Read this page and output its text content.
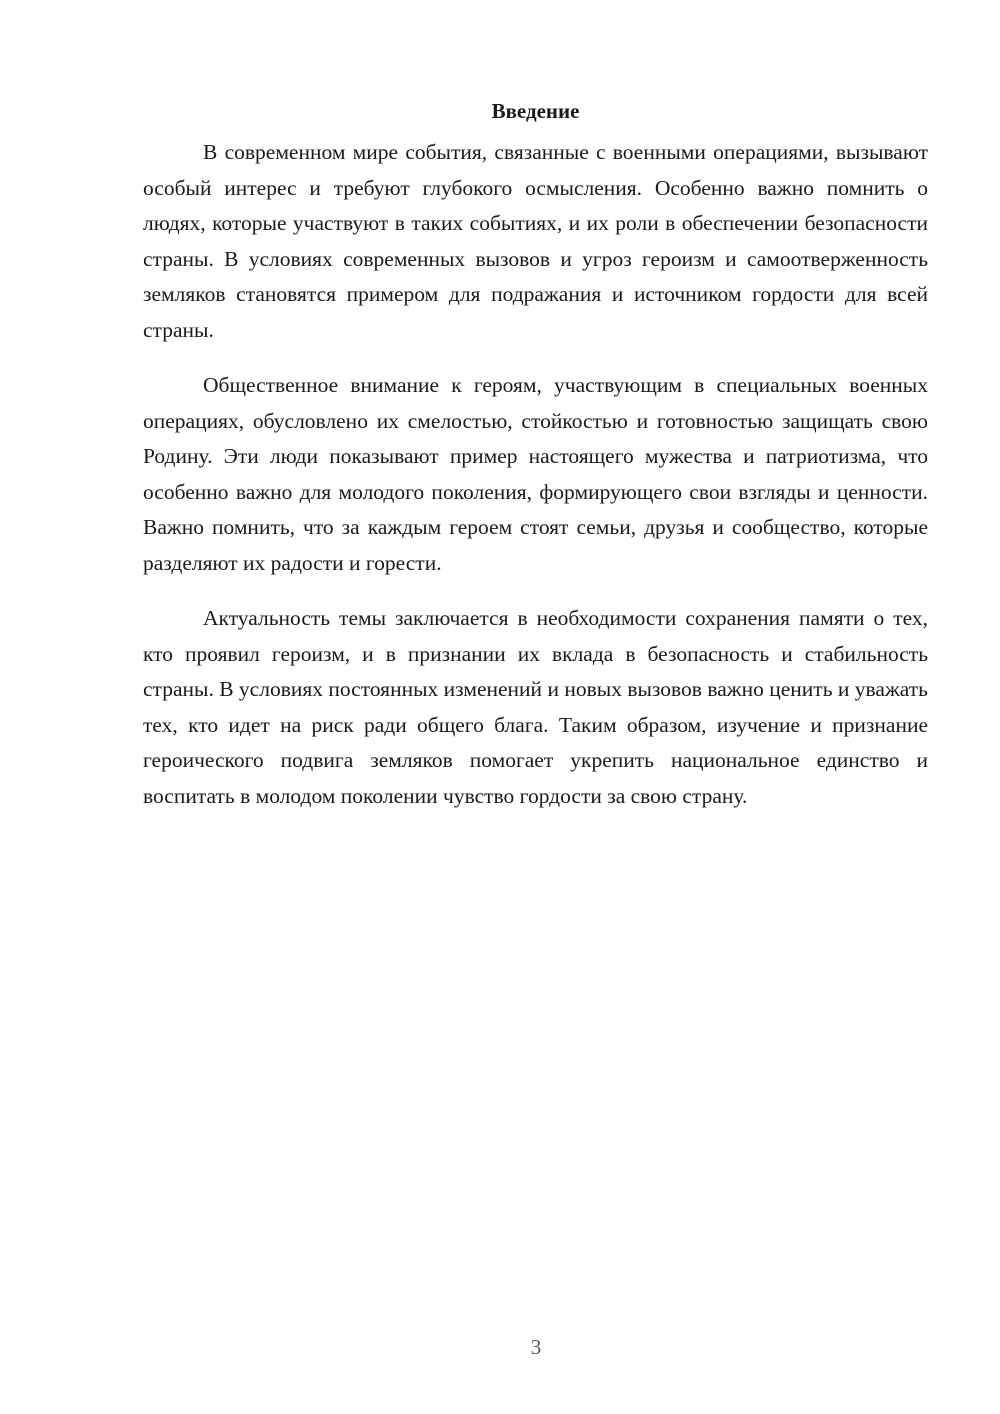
Введение

В современном мире события, связанные с военными операциями, вызывают особый интерес и требуют глубокого осмысления. Особенно важно помнить о людях, которые участвуют в таких событиях, и их роли в обеспечении безопасности страны. В условиях современных вызовов и угроз героизм и самоотверженность земляков становятся примером для подражания и источником гордости для всей страны.

Общественное внимание к героям, участвующим в специальных военных операциях, обусловлено их смелостью, стойкостью и готовностью защищать свою Родину. Эти люди показывают пример настоящего мужества и патриотизма, что особенно важно для молодого поколения, формирующего свои взгляды и ценности. Важно помнить, что за каждым героем стоят семьи, друзья и сообщество, которые разделяют их радости и горести.

Актуальность темы заключается в необходимости сохранения памяти о тех, кто проявил героизм, и в признании их вклада в безопасность и стабильность страны. В условиях постоянных изменений и новых вызовов важно ценить и уважать тех, кто идет на риск ради общего блага. Таким образом, изучение и признание героического подвига земляков помогает укрепить национальное единство и воспитать в молодом поколении чувство гордости за свою страну.

3
